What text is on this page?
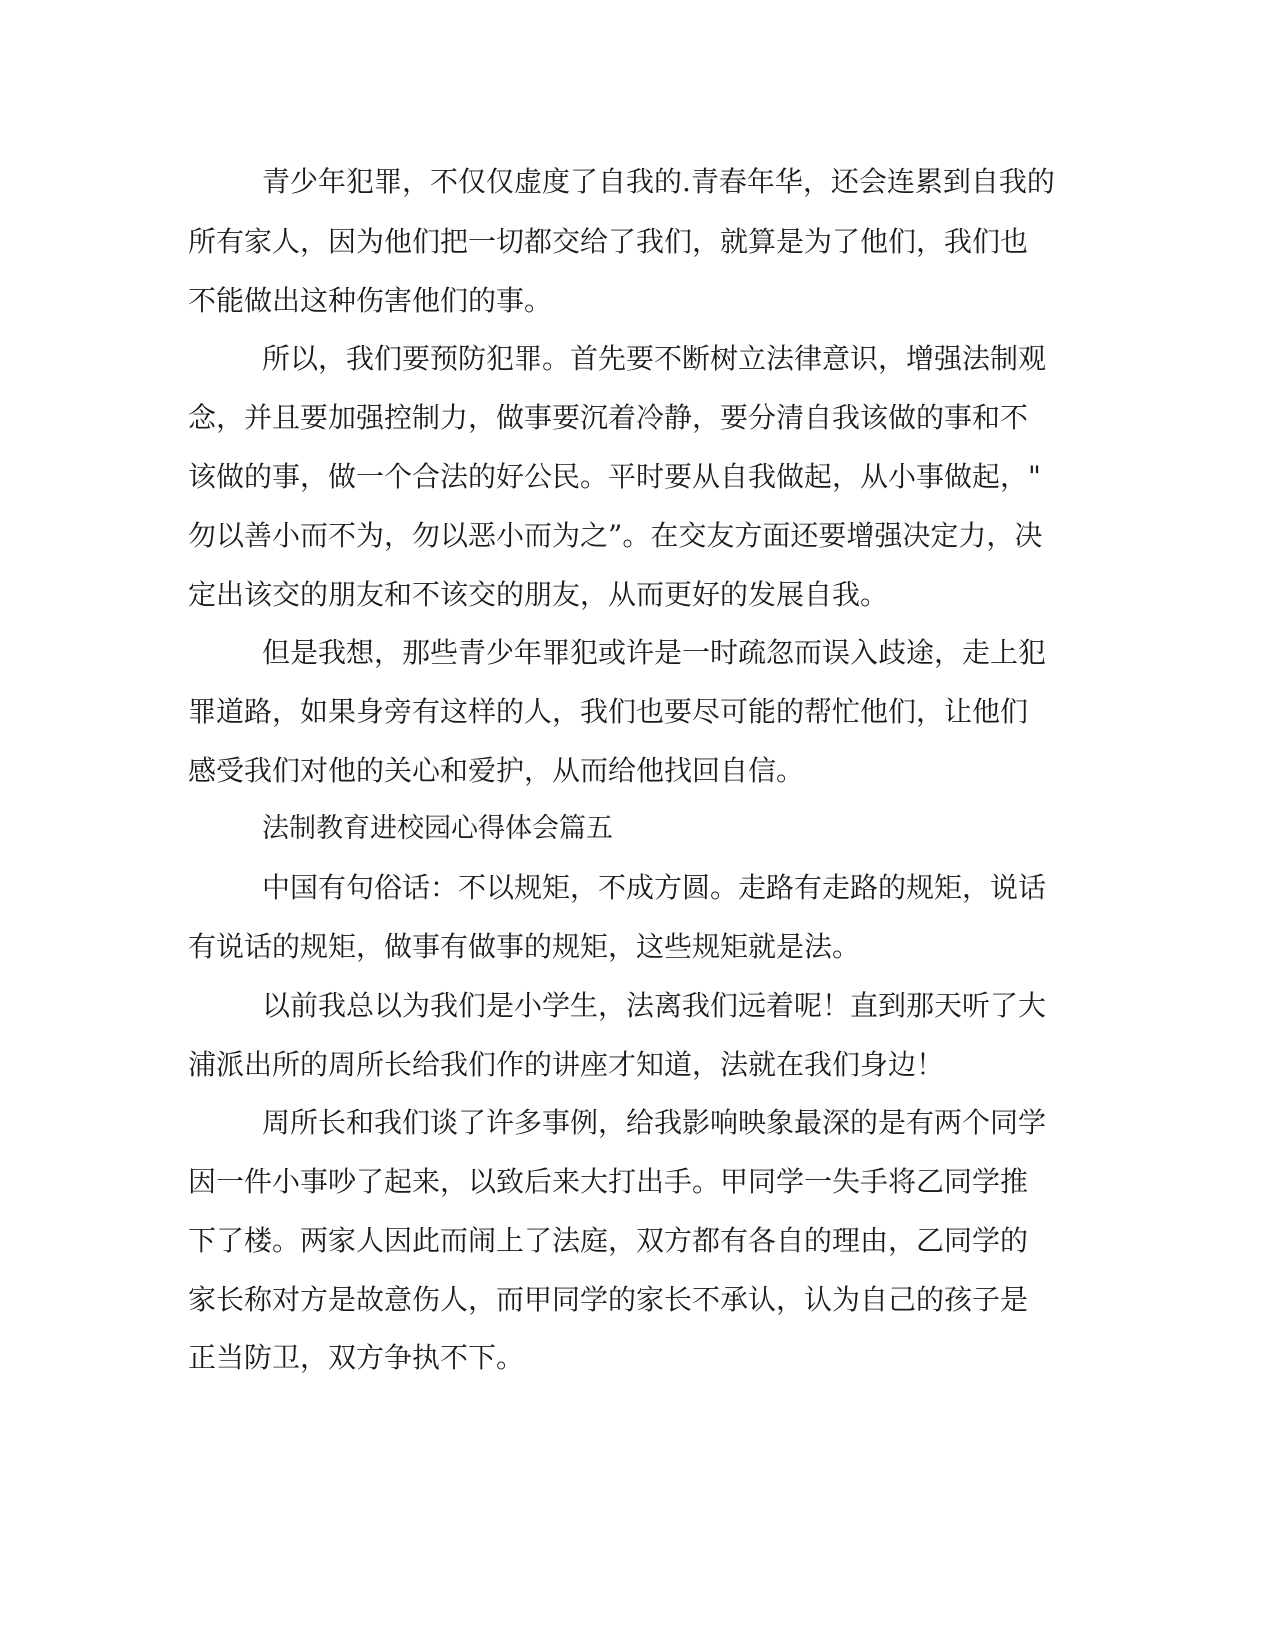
青少年犯罪，不仅仅虚度了自我的.青春年华，还会连累到自我的
所有家人，因为他们把一切都交给了我们，就算是为了他们，我们也
不能做出这种伤害他们的事。
所以，我们要预防犯罪。首先要不断树立法律意识，增强法制观
念，并且要加强控制力，做事要沉着冷静，要分清自我该做的事和不
该做的事，做一个合法的好公民。平时要从自我做起，从小事做起，"
勿以善小而不为，勿以恶小而为之”。在交友方面还要增强决定力，决
定出该交的朋友和不该交的朋友，从而更好的发展自我。
但是我想，那些青少年罪犯或许是一时疏忽而误入歧途，走上犯
罪道路，如果身旁有这样的人，我们也要尽可能的帮忙他们，让他们
感受我们对他的关心和爱护，从而给他找回自信。
法制教育进校园心得体会篇五
中国有句俗话：不以规矩，不成方圆。走路有走路的规矩，说话
有说话的规矩，做事有做事的规矩，这些规矩就是法。
以前我总以为我们是小学生，法离我们远着呢！直到那天听了大
浦派出所的周所长给我们作的讲座才知道，法就在我们身边！
周所长和我们谈了许多事例，给我影响映象最深的是有两个同学
因一件小事吵了起来，以致后来大打出手。甲同学一失手将乙同学推
下了楼。两家人因此而闹上了法庭，双方都有各自的理由，乙同学的
家长称对方是故意伤人，而甲同学的家长不承认，认为自己的孩子是
正当防卫，双方争执不下。
